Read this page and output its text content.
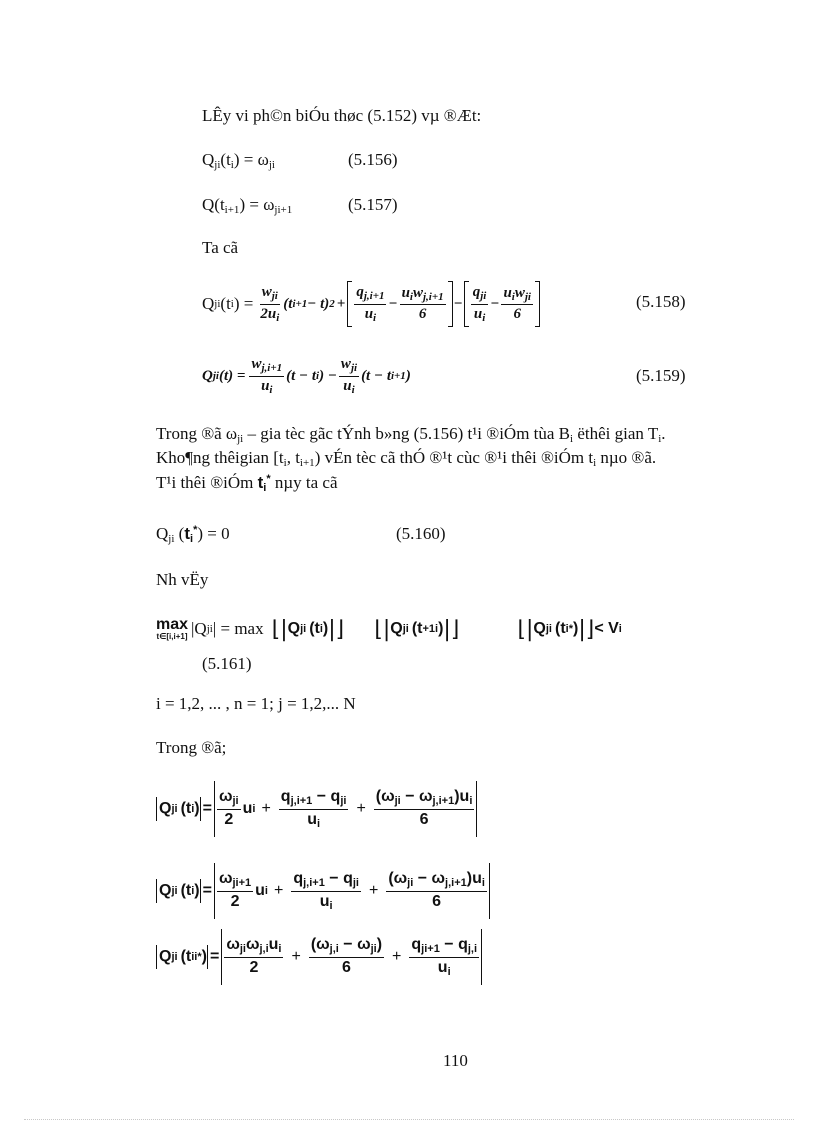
LÊy vi ph©n biÓu thøc (5.152) vµ ®Æt:
$Q_{ji}(t_i) = \omega_{ji}$	(5.156)
$Q(t_{i+1}) = \omega_{ji+1}$	(5.157)
Ta cã
Q ji (t i ) = $\frac{w_{ji}}{2u_i} (t$ i+1 − t) $2 + \frac{q_{j,i+1}}{u_i} - \frac{u_iw_{j,i+1}}{6} - \frac{q_{ji}}{u_i} - \frac{u_iw_{ji}}{6}$	(5.158)
Q ji $(t) = \frac{w_{j,i+1}}{u_i} (t - t$ i ) − $\frac{w_{ji}}{u_i} (t - t$ i+1 )	(5.159)
Trong ®ã $\omega_{ji}$ – gia tèc gãc tÝnh b»ng (5.156) t¹i ®iÓm tùa $B_i$ ëthêi gian $T_i$.
Kho¶ng thêigian [$t_i$, $t_{i+1}$) vÉn tèc cã thÓ ®¹t cùc ®¹i thêi ®iÓm $t_i$ nµo ®ã.
T¹i thêi ®iÓm $t_i^*$ nµy ta cã
$Q_{ji}$ $(t_i^*) = 0$	(5.160)
Nh vËy
max
t∈[i,i+1] |Q ji | = max ⌊| Q ji (t i ) |⌋ ⌊| Q ji (t +1i ) |⌋	⌊| Q ji (t i * ) |⌋ < V i
(5.161)
i = 1,2, ... , n = 1; j = 1,2,... N
Trong ®ã;
Q ji (t i ) = $\frac{\omega_{ji}}{2}$ u $i + \frac{q_{j,i+1} - q_{ji}}{u_i} + \frac{(\omega_{ji} - \omega_{j,i+1})u_i}{6}$
Q ji (t i ) = $\frac{\omega_{ji+1}}{2}$ u $i + \frac{q_{j,i+1} - q_{ji}}{u_i} + \frac{(\omega_{ji} - \omega_{j,i+1})u_i}{6}$
Q ji (t ii * ) = $\frac{\omega_{ji}\omega_{j,i}u_i}{2} + \frac{(\omega_{j,i} - \omega_{ji})}{6} + \frac{q_{ji+1} - q_{j,i}}{u_i}$
110
